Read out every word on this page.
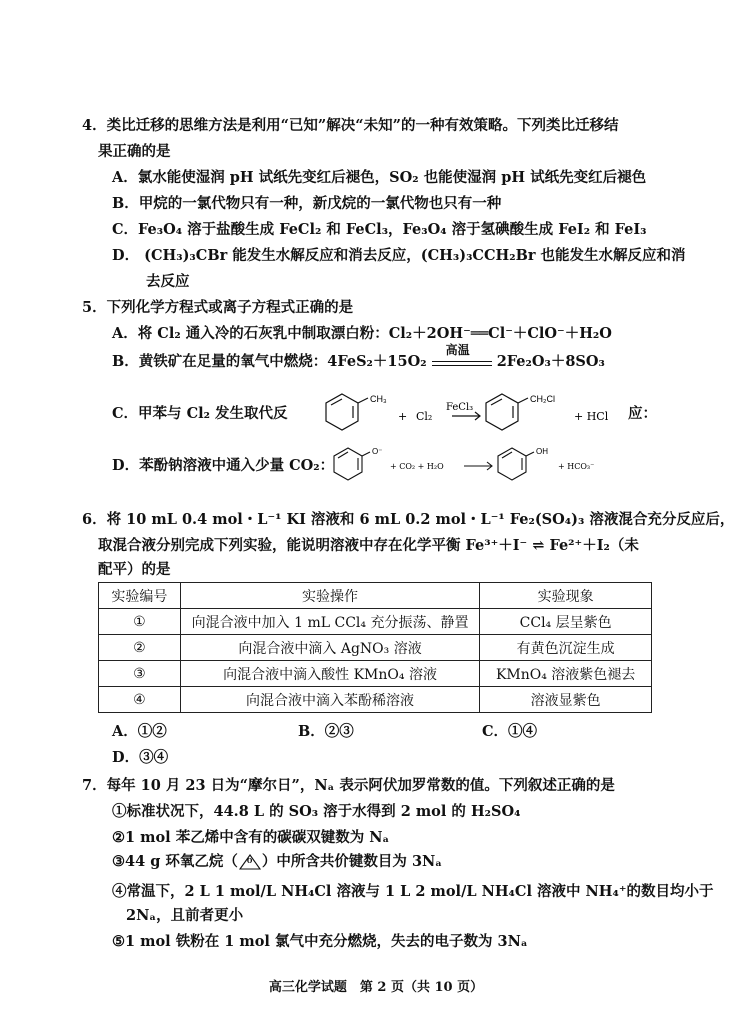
4．类比迁移的思维方法是利用“已知”解决“未知”的一种有效策略。下列类比迁移结
果正确的是
A．氯水能使湿润 pH 试纸先变红后褪色，SO₂ 也能使湿润 pH 试纸先变红后褪色
B．甲烷的一氯代物只有一种，新戊烷的一氯代物也只有一种
C．Fe₃O₄ 溶于盐酸生成 FeCl₂ 和 FeCl₃，Fe₃O₄ 溶于氢碘酸生成 FeI₂ 和 FeI₃
D． (CH₃)₃CBr 能发生水解反应和消去反应，(CH₃)₃CCH₂Br 也能发生水解反应和消
去反应
5．下列化学方程式或离子方程式正确的是
A．将 Cl₂ 通入冷的石灰乳中制取漂白粉：Cl₂＋2OH⁻══Cl⁻＋ClO⁻＋H₂O
B．黄铁矿在足量的氧气中燃烧：4FeS₂＋15O₂
高温
2Fe₂O₃＋8SO₃
C．甲苯与 Cl₂ 发生取代反
CH₃
+ Cl₂
FeCl₃
CH₂Cl
+ HCl 应：
D．苯酚钠溶液中通入少量 CO₂：
O⁻
+ CO₂ + H₂O
OH
+ HCO₃⁻
6．将 10 mL 0.4 mol・L⁻¹ KI 溶液和 6 mL 0.2 mol・L⁻¹ Fe₂(SO₄)₃ 溶液混合充分反应后，
取混合液分别完成下列实验，能说明溶液中存在化学平衡 Fe³⁺＋I⁻ ⇌ Fe²⁺＋I₂（未
配平）的是
实验编号	实验操作	实验现象
①	向混合液中加入 1 mL CCl₄ 充分振荡、静置	CCl₄ 层呈紫色
②	向混合液中滴入 AgNO₃ 溶液	有黄色沉淀生成
③	向混合液中滴入酸性 KMnO₄ 溶液	KMnO₄ 溶液紫色褪去
④	向混合液中滴入苯酚稀溶液	溶液显紫色
A．①②	B．②③	C．①④
D．③④
7．每年 10 月 23 日为“摩尔日”，Nₐ 表示阿伏加罗常数的值。下列叙述正确的是
①标准状况下，44.8 L 的 SO₃ 溶于水得到 2 mol 的 H₂SO₄
②1 mol 苯乙烯中含有的碳碳双键数为 Nₐ
③44 g 环氧乙烷（ O ）中所含共价键数目为 3Nₐ
④常温下，2 L 1 mol/L NH₄Cl 溶液与 1 L 2 mol/L NH₄Cl 溶液中 NH₄⁺的数目均小于
2Nₐ，且前者更小
⑤1 mol 铁粉在 1 mol 氯气中充分燃烧，失去的电子数为 3Nₐ
高三化学试题　第 2 页（共 10 页）
